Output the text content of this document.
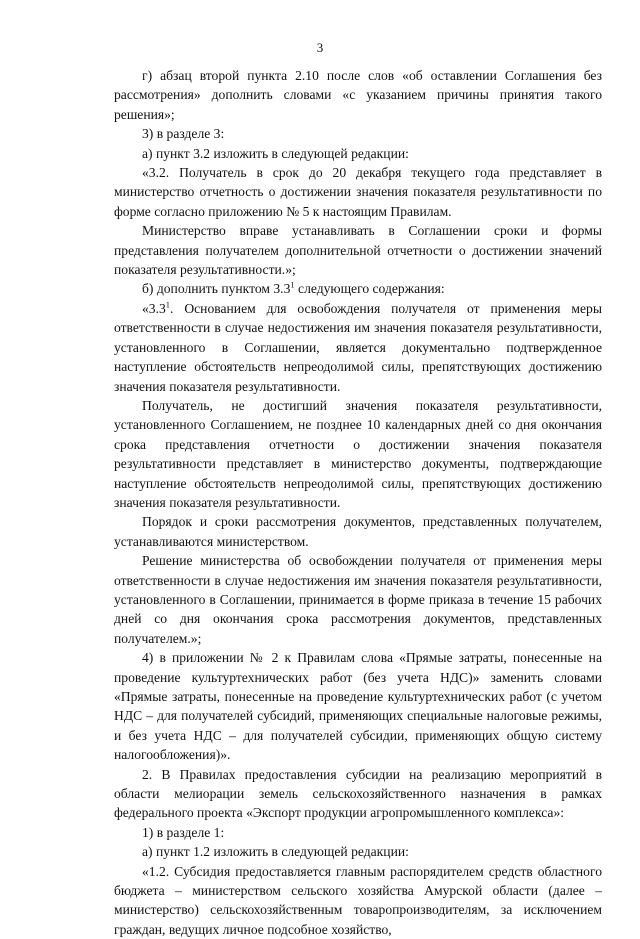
3

г) абзац второй пункта 2.10 после слов «об оставлении Соглашения без рассмотрения» дополнить словами «с указанием причины принятия такого решения»;

3) в разделе 3:

а) пункт 3.2 изложить в следующей редакции:

«3.2. Получатель в срок до 20 декабря текущего года представляет в министерство отчетность о достижении значения показателя результативности по форме согласно приложению № 5 к настоящим Правилам.

Министерство вправе устанавливать в Соглашении сроки и формы представления получателем дополнительной отчетности о достижении значений показателя результативности.»;

б) дополнить пунктом $3.3^1$ следующего содержания:

«$3.3^1$. Основанием для освобождения получателя от применения меры ответственности в случае недостижения им значения показателя результативности, установленного в Соглашении, является документально подтвержденное наступление обстоятельств непреодолимой силы, препятствующих достижению значения показателя результативности.

Получатель, не достигший значения показателя результативности, установленного Соглашением, не позднее 10 календарных дней со дня окончания срока представления отчетности о достижении значения показателя результативности представляет в министерство документы, подтверждающие наступление обстоятельств непреодолимой силы, препятствующих достижению значения показателя результативности.

Порядок и сроки рассмотрения документов, представленных получателем, устанавливаются министерством.

Решение министерства об освобождении получателя от применения меры ответственности в случае недостижения им значения показателя результативности, установленного в Соглашении, принимается в форме приказа в течение 15 рабочих дней со дня окончания срока рассмотрения документов, представленных получателем.»;

4) в приложении № 2 к Правилам слова «Прямые затраты, понесенные на проведение культуртехнических работ (без учета НДС)» заменить словами «Прямые затраты, понесенные на проведение культуртехнических работ (с учетом НДС – для получателей субсидий, применяющих специальные налоговые режимы, и без учета НДС – для получателей субсидии, применяющих общую систему налогообложения)».

2. В Правилах предоставления субсидии на реализацию мероприятий в области мелиорации земель сельскохозяйственного назначения в рамках федерального проекта «Экспорт продукции агропромышленного комплекса»:

1) в разделе 1:

а) пункт 1.2 изложить в следующей редакции:

«1.2. Субсидия предоставляется главным распорядителем средств областного бюджета – министерством сельского хозяйства Амурской области (далее – министерство) сельскохозяйственным товаропроизводителям, за исключением граждан, ведущих личное подсобное хозяйство,
